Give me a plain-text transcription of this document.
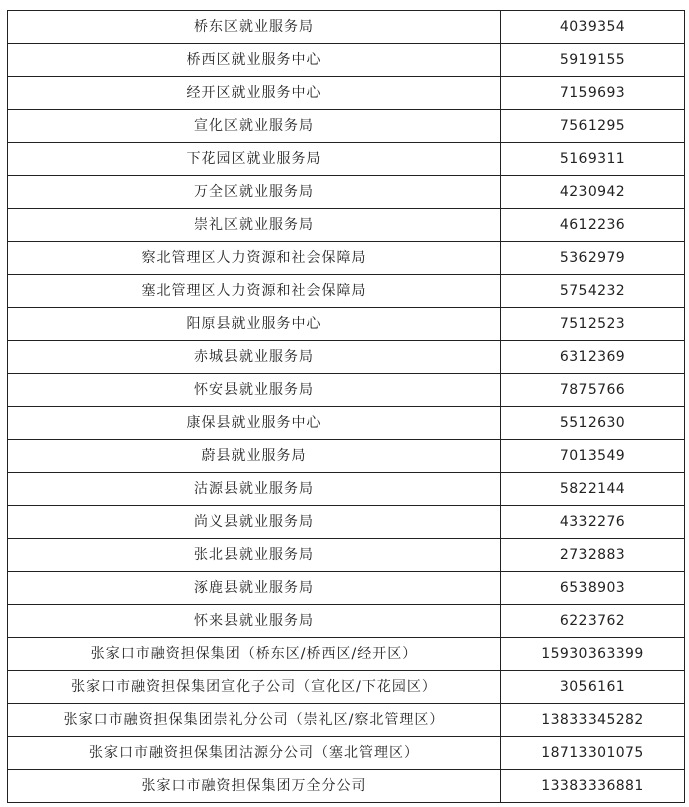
桥东区就业服务局	4039354
桥西区就业服务中心	5919155
经开区就业服务中心	7159693
宣化区就业服务局	7561295
下花园区就业服务局	5169311
万全区就业服务局	4230942
崇礼区就业服务局	4612236
察北管理区人力资源和社会保障局	5362979
塞北管理区人力资源和社会保障局	5754232
阳原县就业服务中心	7512523
赤城县就业服务局	6312369
怀安县就业服务局	7875766
康保县就业服务中心	5512630
蔚县就业服务局	7013549
沽源县就业服务局	5822144
尚义县就业服务局	4332276
张北县就业服务局	2732883
涿鹿县就业服务局	6538903
怀来县就业服务局	6223762
张家口市融资担保集团（桥东区/桥西区/经开区）	15930363399
张家口市融资担保集团宣化子公司（宣化区/下花园区）	3056161
张家口市融资担保集团崇礼分公司（崇礼区/察北管理区）	13833345282
张家口市融资担保集团沽源分公司（塞北管理区）	18713301075
张家口市融资担保集团万全分公司	13383336881
